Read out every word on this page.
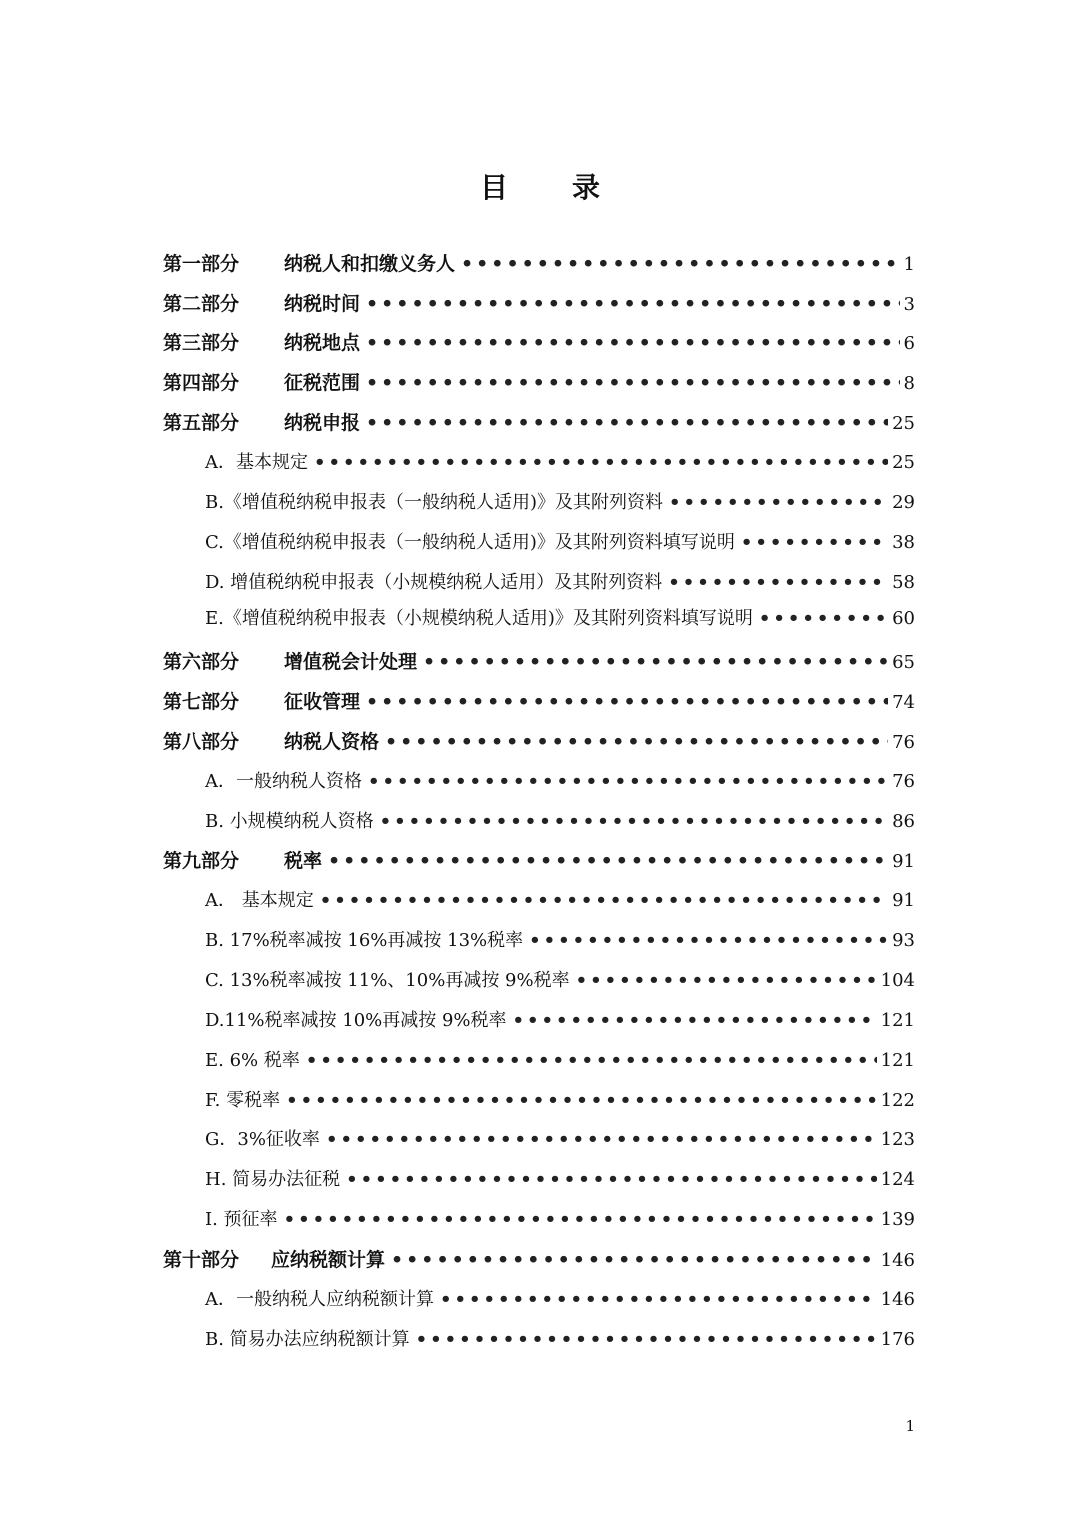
目录
第一部分	纳税人和扣缴义务人 •••••	1
第二部分	纳税时间 •••••	3
第三部分	纳税地点 •••••	6
第四部分	征税范围 •••••	8
第五部分	纳税申报 •••••	25
A．基本规定 •••••	25
B.《增值税纳税申报表（一般纳税人适用)》及其附列资料 •••••	29
C.《增值税纳税申报表（一般纳税人适用)》及其附列资料填写说明 •••••	38
D. 增值税纳税申报表（小规模纳税人适用）及其附列资料 •••••	58
E.《增值税纳税申报表（小规模纳税人适用)》及其附列资料填写说明 •••••	60
第六部分	增值税会计处理 •••••	65
第七部分	征收管理 •••••	74
第八部分	纳税人资格 •••••	76
A．一般纳税人资格 •••••	76
B. 小规模纳税人资格 •••••	86
第九部分	税率 •••••	91
A． 基本规定 •••••	91
B. 17%税率减按 16%再减按 13%税率 •••••	93
C. 13%税率减按 11%、10%再减按 9%税率 •••••	104
D.11%税率减按 10%再减按 9%税率 •••••	121
E. 6% 税率 •••••	121
F. 零税率 •••••	122
G．3%征收率 •••••	123
H. 简易办法征税 •••••	124
I. 预征率 •••••	139
第十部分	应纳税额计算 •••••	146
A．一般纳税人应纳税额计算 •••••	146
B. 简易办法应纳税额计算 •••••	176
1
